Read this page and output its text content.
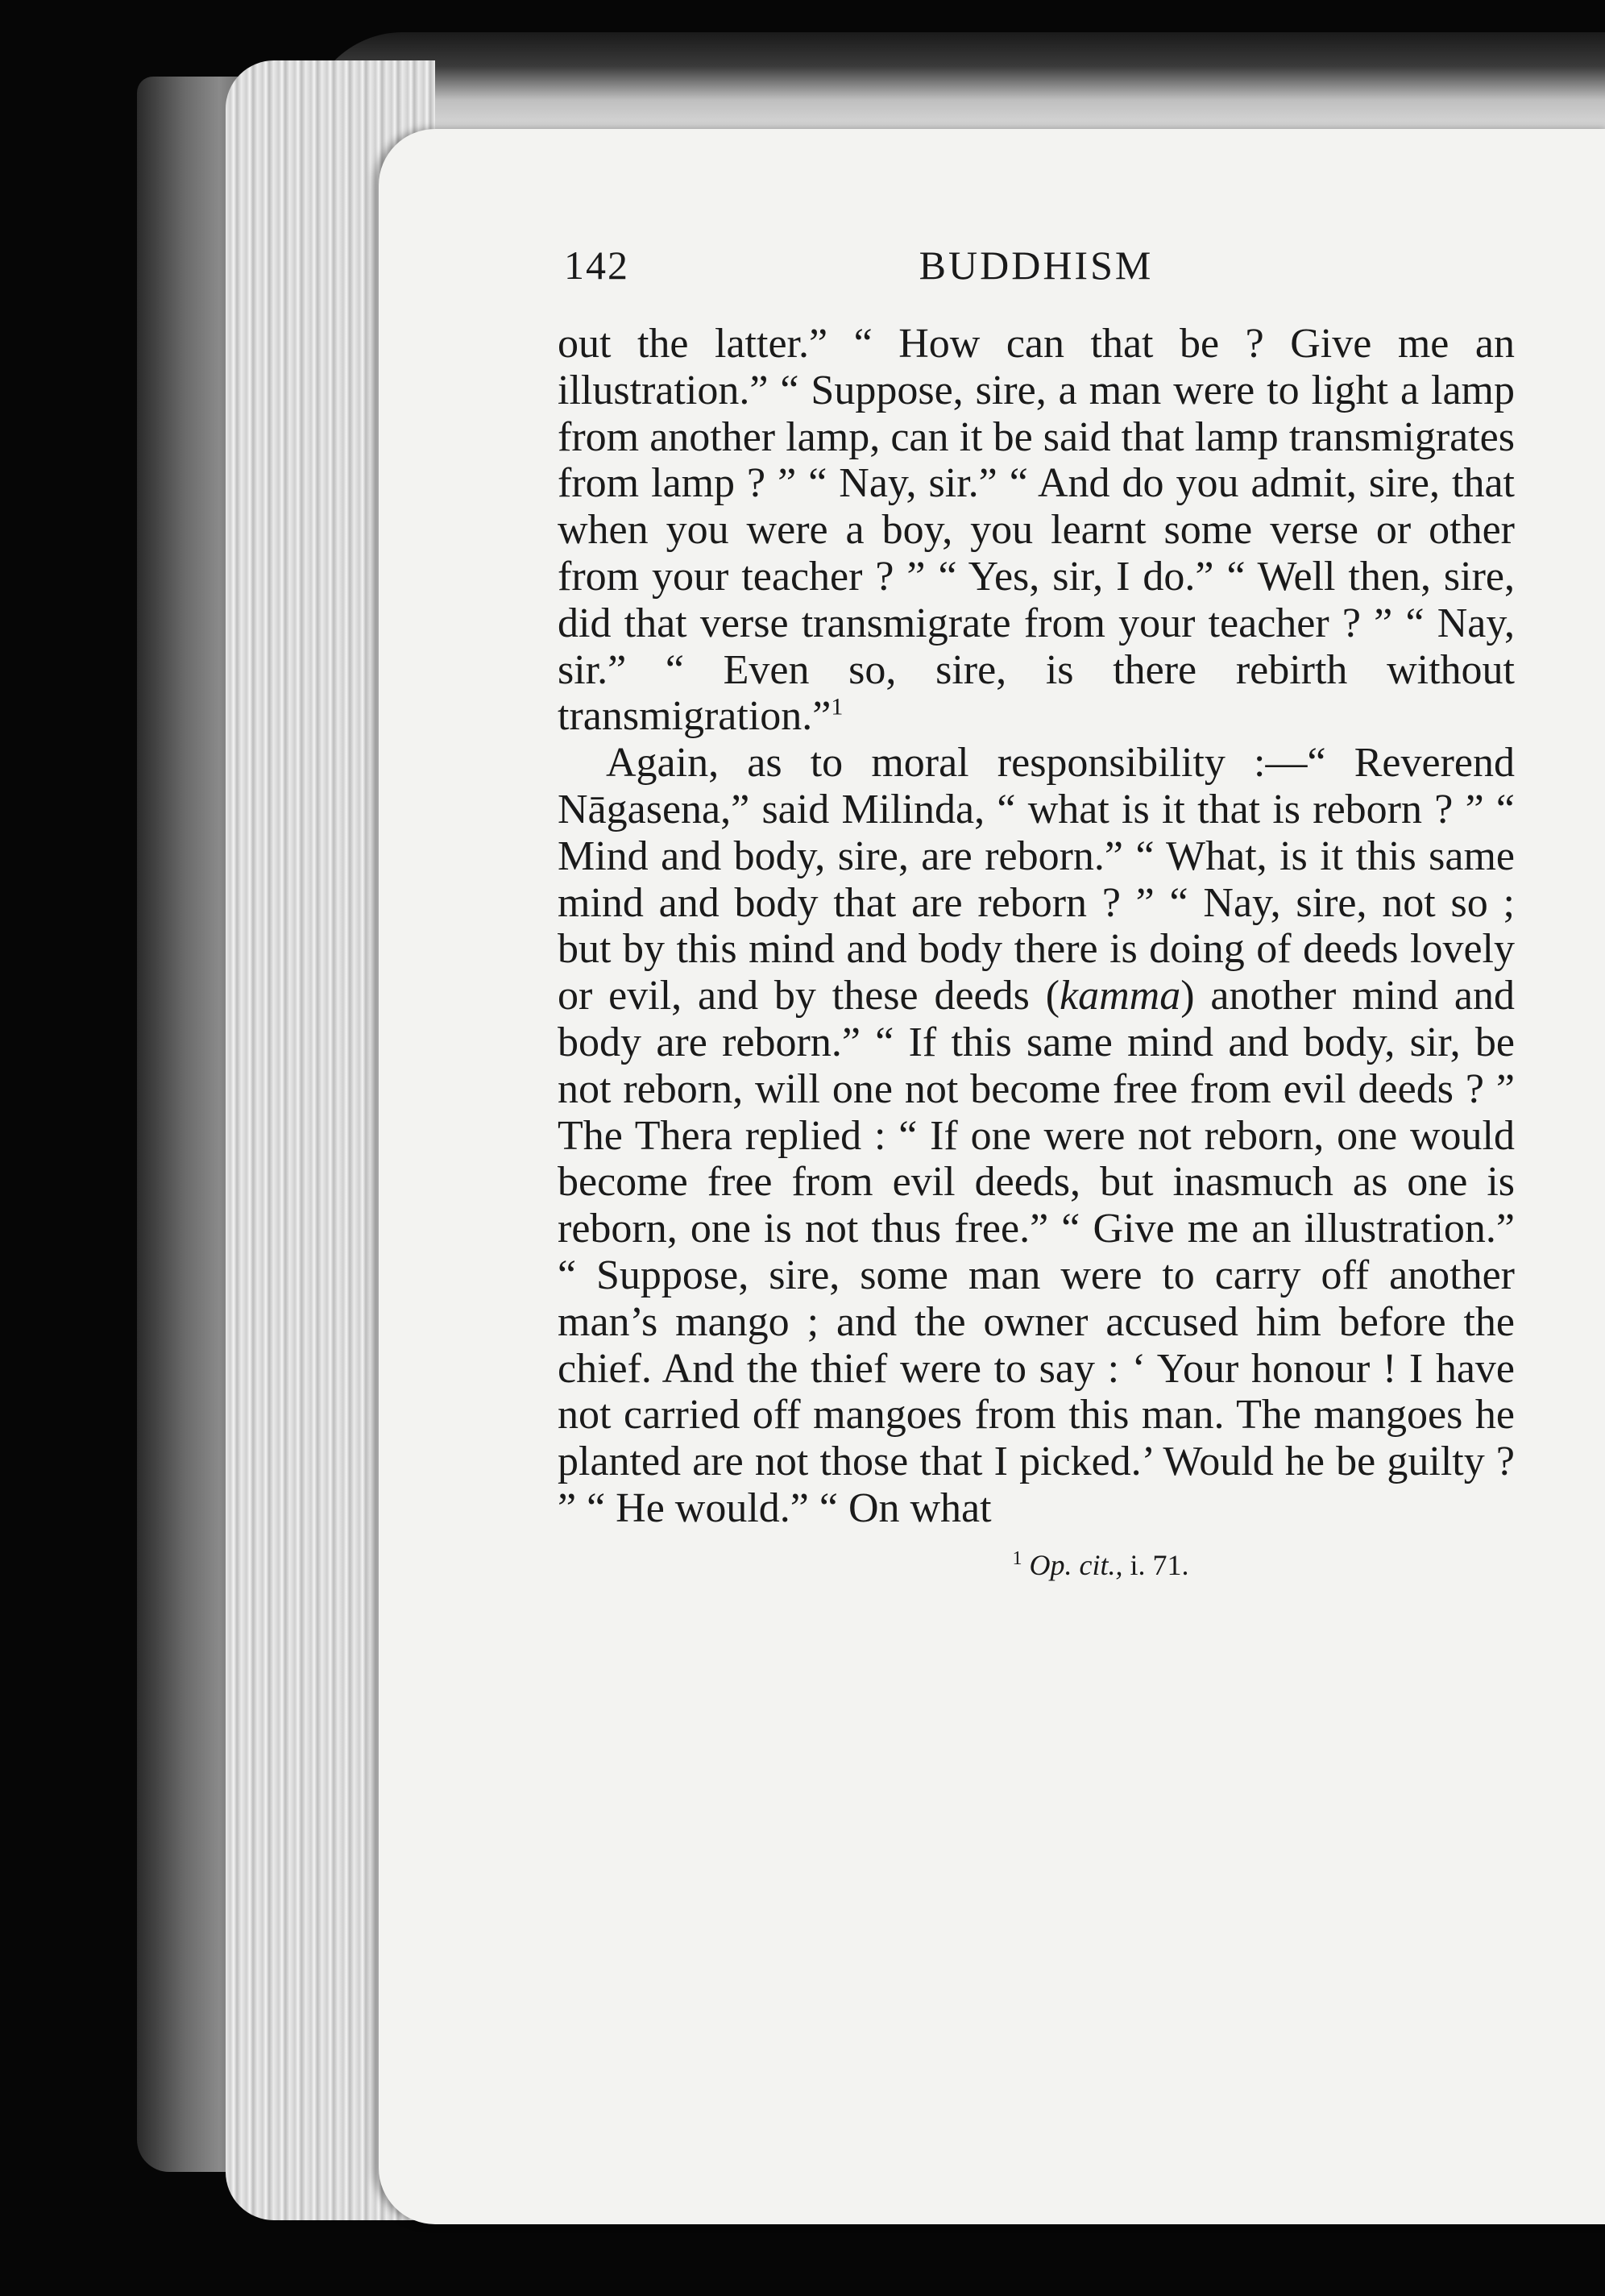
142	BUDDHISM

out the latter.” “ How can that be ? Give me an illustration.” “ Suppose, sire, a man were to light a lamp from another lamp, can it be said that lamp transmigrates from lamp ? ” “ Nay, sir.” “ And do you admit, sire, that when you were a boy, you learnt some verse or other from your teacher ? ” “ Yes, sir, I do.” “ Well then, sire, did that verse transmigrate from your teacher ? ” “ Nay, sir.” “ Even so, sire, is there rebirth without transmigration.”$^1$

Again, as to moral responsibility :—“ Reverend Nāgasena,” said Milinda, “ what is it that is reborn ? ” “ Mind and body, sire, are reborn.” “ What, is it this same mind and body that are reborn ? ” “ Nay, sire, not so ; but by this mind and body there is doing of deeds lovely or evil, and by these deeds (kamma) another mind and body are reborn.” “ If this same mind and body, sir, be not reborn, will one not become free from evil deeds ? ” The Thera replied : “ If one were not reborn, one would become free from evil deeds, but inasmuch as one is reborn, one is not thus free.” “ Give me an illustration.” “ Suppose, sire, some man were to carry off another man’s mango ; and the owner accused him before the chief. And the thief were to say : ‘ Your honour ! I have not carried off mangoes from this man. The mangoes he planted are not those that I picked.’ Would he be guilty ? ” “ He would.” “ On what

$^1$ Op. cit., i. 71.
